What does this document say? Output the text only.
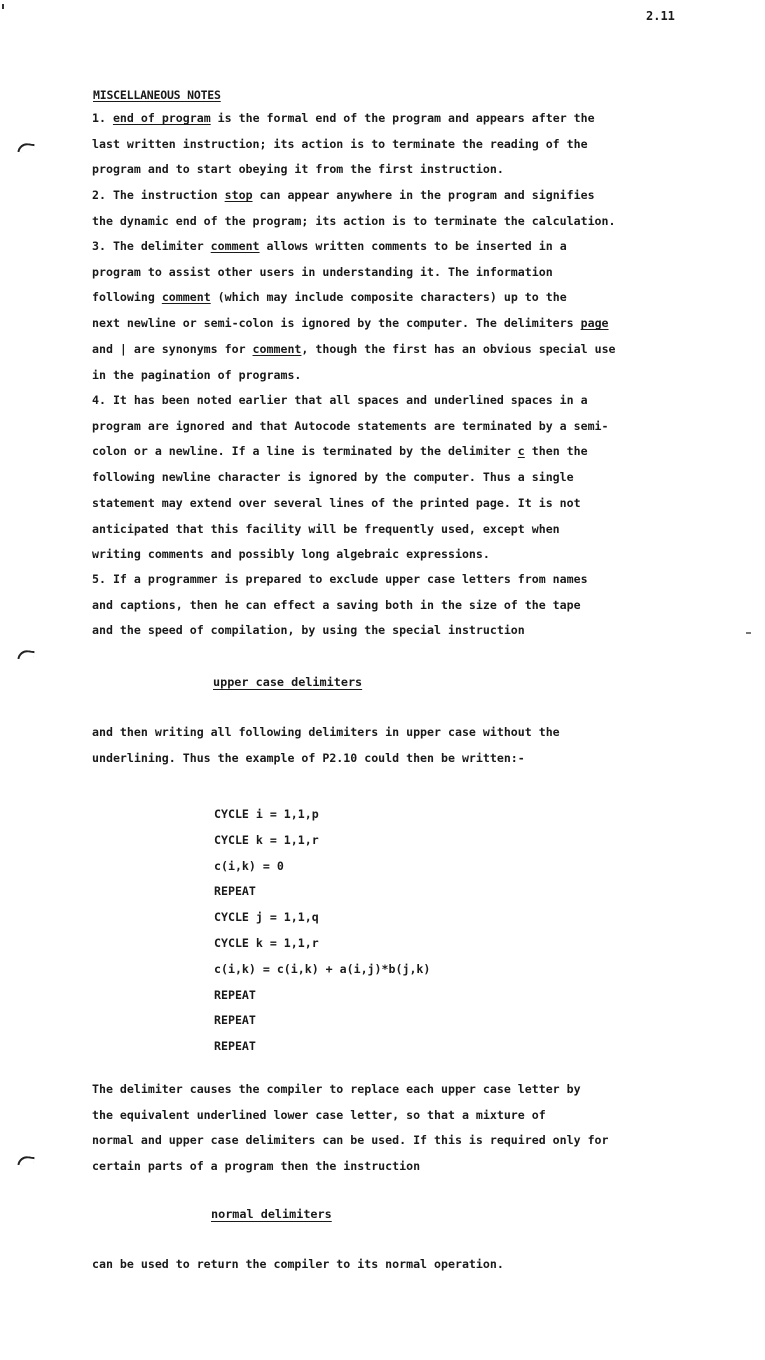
2.11
MISCELLANEOUS NOTES
1. end of program is the formal end of the program and appears after the
last written instruction; its action is to terminate the reading of the
program and to start obeying it from the first instruction.
2. The instruction stop can appear anywhere in the program and signifies
the dynamic end of the program; its action is to terminate the calculation.
3. The delimiter comment allows written comments to be inserted in a
program to assist other users in understanding it. The information
following comment (which may include composite characters) up to the
next newline or semi-colon is ignored by the computer. The delimiters page
and | are synonyms for comment, though the first has an obvious special use
in the pagination of programs.
4. It has been noted earlier that all spaces and underlined spaces in a
program are ignored and that Autocode statements are terminated by a semi-
colon or a newline. If a line is terminated by the delimiter c then the
following newline character is ignored by the computer. Thus a single
statement may extend over several lines of the printed page. It is not
anticipated that this facility will be frequently used, except when
writing comments and possibly long algebraic expressions.
5. If a programmer is prepared to exclude upper case letters from names
and captions, then he can effect a saving both in the size of the tape
and the speed of compilation, by using the special instruction
upper case delimiters
and then writing all following delimiters in upper case without the
underlining. Thus the example of P2.10 could then be written:-
CYCLE i = 1,1,p
CYCLE k = 1,1,r
c(i,k) = 0
REPEAT
CYCLE j = 1,1,q
CYCLE k = 1,1,r
c(i,k) = c(i,k) + a(i,j)*b(j,k)
REPEAT
REPEAT
REPEAT
The delimiter causes the compiler to replace each upper case letter by
the equivalent underlined lower case letter, so that a mixture of
normal and upper case delimiters can be used. If this is required only for
certain parts of a program then the instruction
normal delimiters
can be used to return the compiler to its normal operation.
